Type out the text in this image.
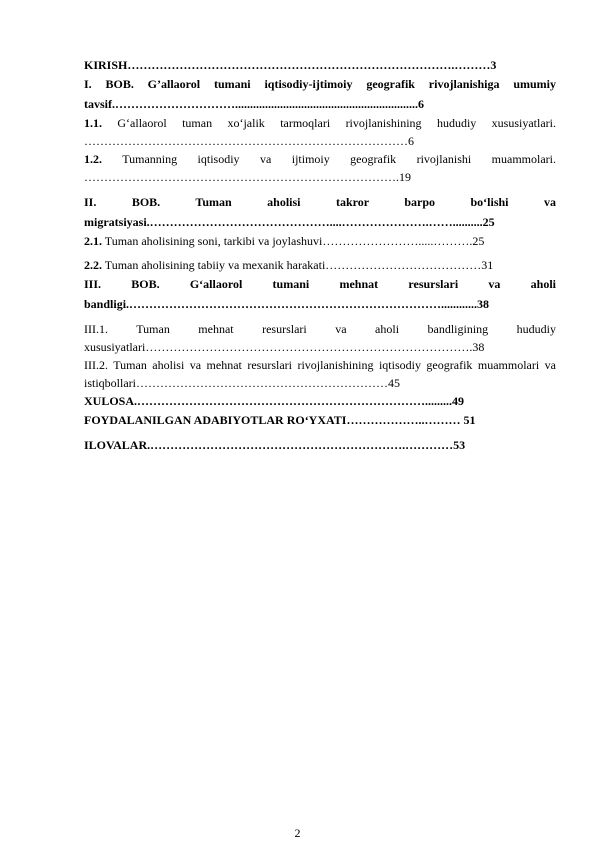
KIRISH……………………………………………………………………….………3

I. BOB. G’allaorol tumani iqtisodiy-ijtimoiy geografik rivojlanishiga umumiy tavsif.………………………….............................................................6

1.1. G‘allaorol tuman xo‘jalik tarmoqlari rivojlanishining hududiy xususiyatlari. ………………………………………………………………………6

1.2. Tumanning iqtisodiy va ijtimoiy geografik rivojlanishi muammolari. …………………………………………………………………….19

II. BOB. Tuman aholisi takror barpo bo‘lishi va migratsiyasi.………………………………………....………………….……..........25

2.1. Tuman aholisining soni, tarkibi va joylashuvi…………………….....……….25

2.2. Tuman aholisining tabiiy va mexanik harakati…………………………………31

III. BOB. G‘allaorol tumani mehnat resurslari va aholi bandligi.……………………………………………………………………............38

III.1. Tuman mehnat resurslari va aholi bandligining hududiy xususiyatlari……………………………………………………………………….38

III.2. Tuman aholisi va mehnat resurslari rivojlanishining iqtisodiy geografik muammolari va istiqbollari………………………………………………………45

XULOSA.……………………………………………………………….........49

FOYDALANILGAN ADABIYOTLAR RO‘YXATI………………..……… 51

ILOVALAR.……………………………………………………….…………53

2
